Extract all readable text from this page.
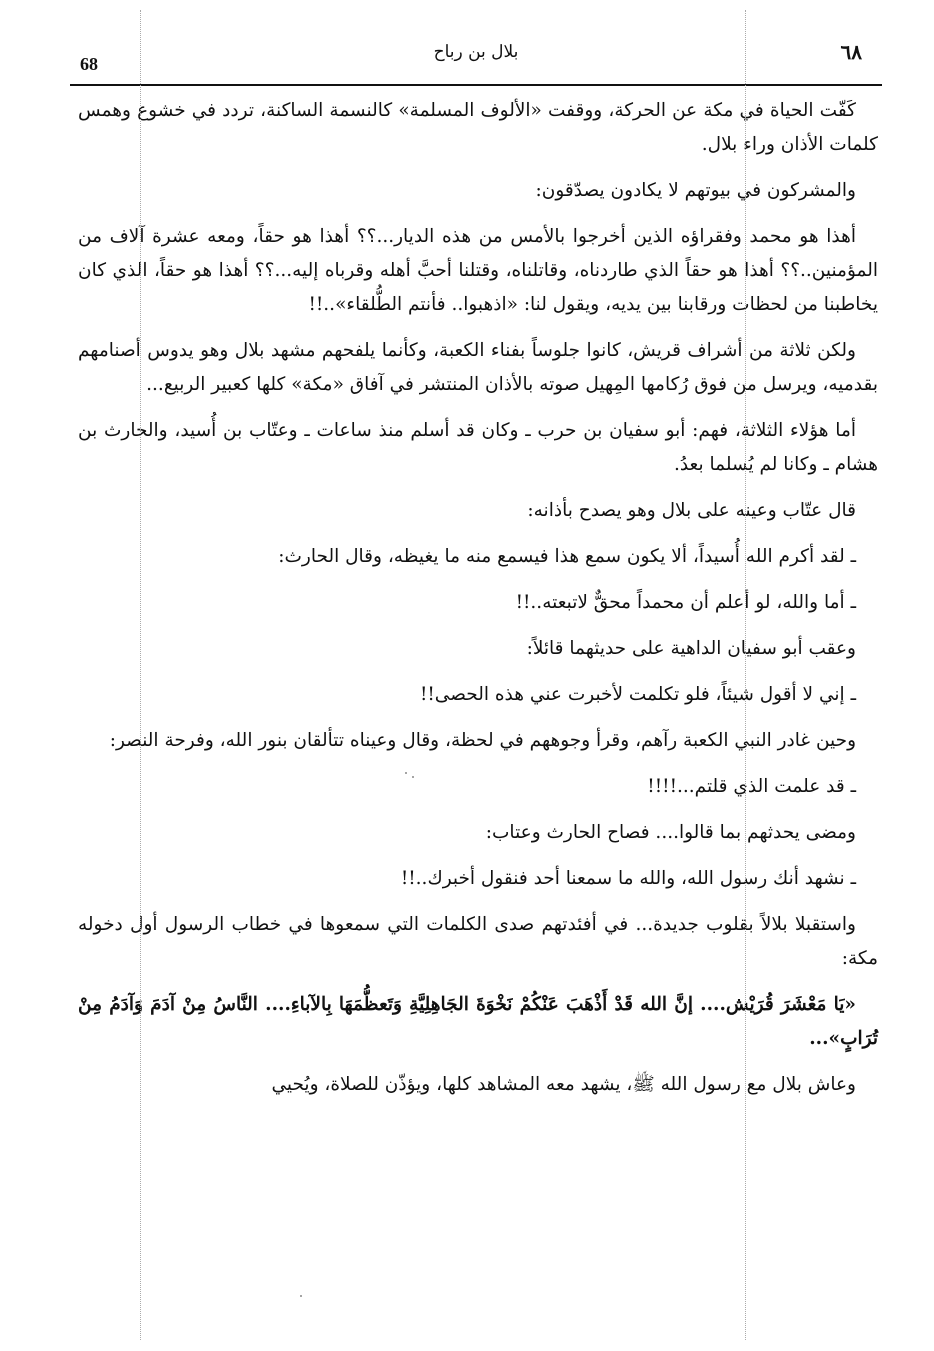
68
بلال بن رباح	٦٨

كَفّت الحياة في مكة عن الحركة، ووقفت «الألوف المسلمة» كالنسمة الساكنة، تردد في خشوع وهمس كلمات الأذان وراء بلال.

والمشركون في بيوتهم لا يكادون يصدّقون:

أهذا هو محمد وفقراؤه الذين أخرجوا بالأمس من هذه الديار...؟؟ أهذا هو حقاً، ومعه عشرة آلاف من المؤمنين..؟؟ أهذا هو حقاً الذي طاردناه، وقاتلناه، وقتلنا أحبَّ أهله وقرباه إليه...؟؟ أهذا هو حقاً، الذي كان يخاطبنا من لحظات ورقابنا بين يديه، ويقول لنا: «اذهبوا.. فأنتم الطُّلقاء»..!!

ولكن ثلاثة من أشراف قريش، كانوا جلوساً بفناء الكعبة، وكأنما يلفحهم مشهد بلال وهو يدوس أصنامهم بقدميه، ويرسل من فوق رُكامها المِهيل صوته بالأذان المنتشر في آفاق «مكة» كلها كعبير الربيع...

أما هؤلاء الثلاثة، فهم: أبو سفيان بن حرب ـ وكان قد أسلم منذ ساعات ـ وعتّاب بن أُسيد، والحارث بن هشام ـ وكانا لم يُسلما بعدُ.

قال عتّاب وعينه على بلال وهو يصدح بأذانه:

ـ لقد أكرم الله أُسيداً، ألا يكون سمع هذا فيسمع منه ما يغيظه، وقال الحارث:

ـ أما والله، لو أعلم أن محمداً محقٌّ لاتبعته..!!

وعقب أبو سفيان الداهية على حديثهما قائلاً:

ـ إني لا أقول شيئاً، فلو تكلمت لأخبرت عني هذه الحصى!!

وحين غادر النبي الكعبة رآهم، وقرأ وجوههم في لحظة، وقال وعيناه تتألقان بنور الله، وفرحة النصر:

ـ قد علمت الذي قلتم...!!!!

ومضى يحدثهم بما قالوا.... فصاح الحارث وعتاب:

ـ نشهد أنك رسول الله، والله ما سمعنا أحد فنقول أخبرك..!!

واستقبلا بلالاً بقلوب جديدة... في أفئدتهم صدى الكلمات التي سمعوها في خطاب الرسول أول دخوله مكة:

«يَا مَعْشَرَ قُرَيْش.... إنَّ الله قَدْ أَذْهَبَ عَنْكُمْ نَخْوَةَ الجَاهِلِيَّةِ وَتَعظُّمَهَا بِالآباءِ.... النَّاسُ مِنْ آدَمَ وَآدَمُ مِنْ تُرَابٍ»...

وعاش بلال مع رسول الله ﷺ، يشهد معه المشاهد كلها، ويؤذّن للصلاة، ويُحيي
